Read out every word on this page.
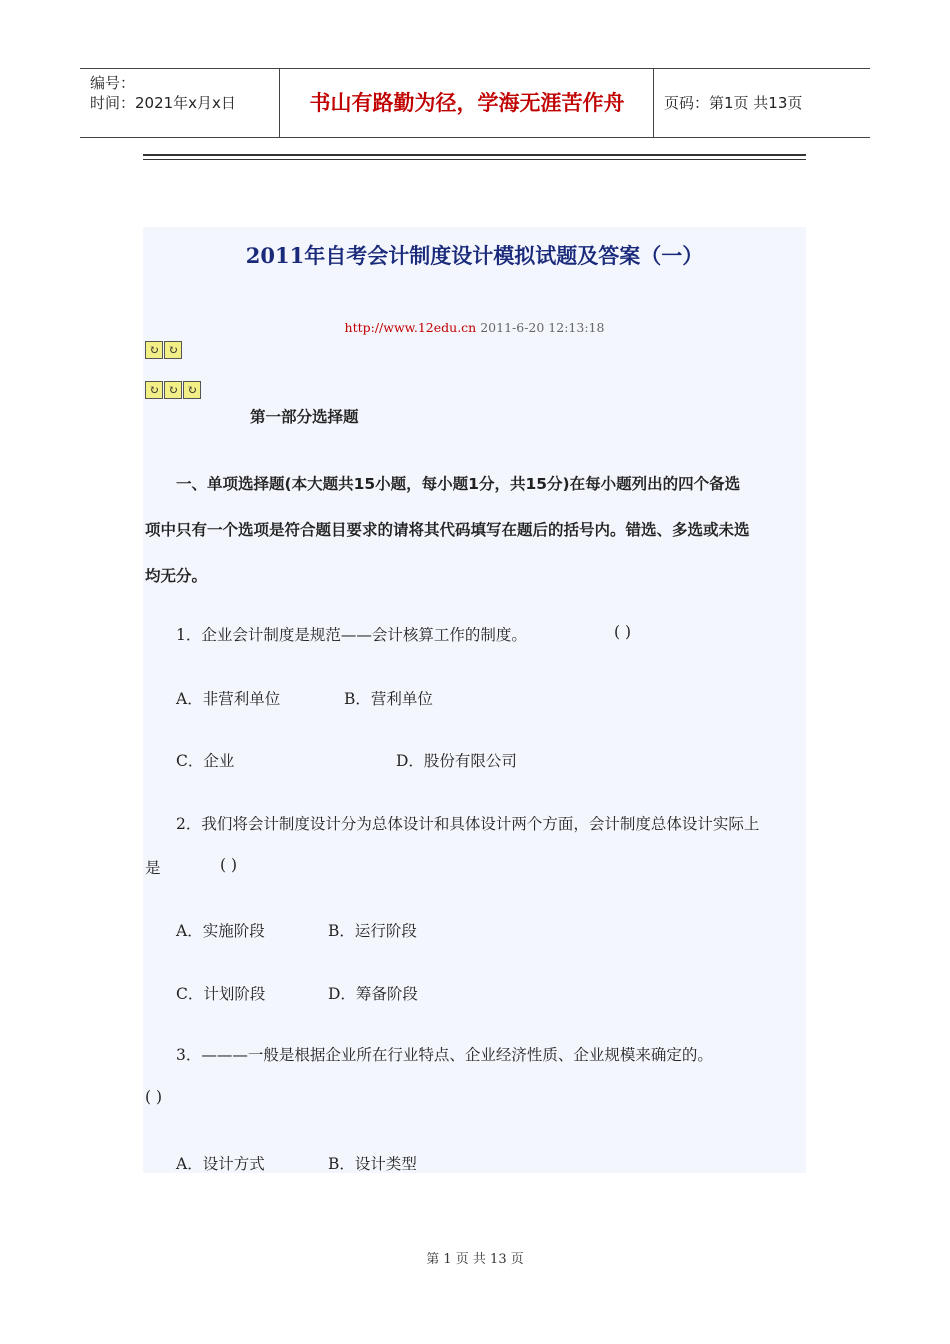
编号：
时间：2021年x月x日	书山有路勤为径，学海无涯苦作舟	页码：第1页 共13页
2011年自考会计制度设计模拟试题及答案（一）
http://www.12edu.cn 2011-6-20 12:13:18
↻ ↻
↻ ↻ ↻
第一部分选择题
一、单项选择题(本大题共15小题，每小题1分，共15分)在每小题列出的四个备选
项中只有一个选项是符合题目要求的请将其代码填写在题后的括号内。错选、多选或未选
均无分。
1．企业会计制度是规范——会计核算工作的制度。	( )
A．非营利单位	B．营利单位
C．企业	D．股份有限公司
2．我们将会计制度设计分为总体设计和具体设计两个方面，会计制度总体设计实际上
是	( )
A．实施阶段	B．运行阶段
C．计划阶段	D．筹备阶段
3．———一般是根据企业所在行业特点、企业经济性质、企业规模来确定的。
( )
A．设计方式	B．设计类型
第 1 页 共 13 页
